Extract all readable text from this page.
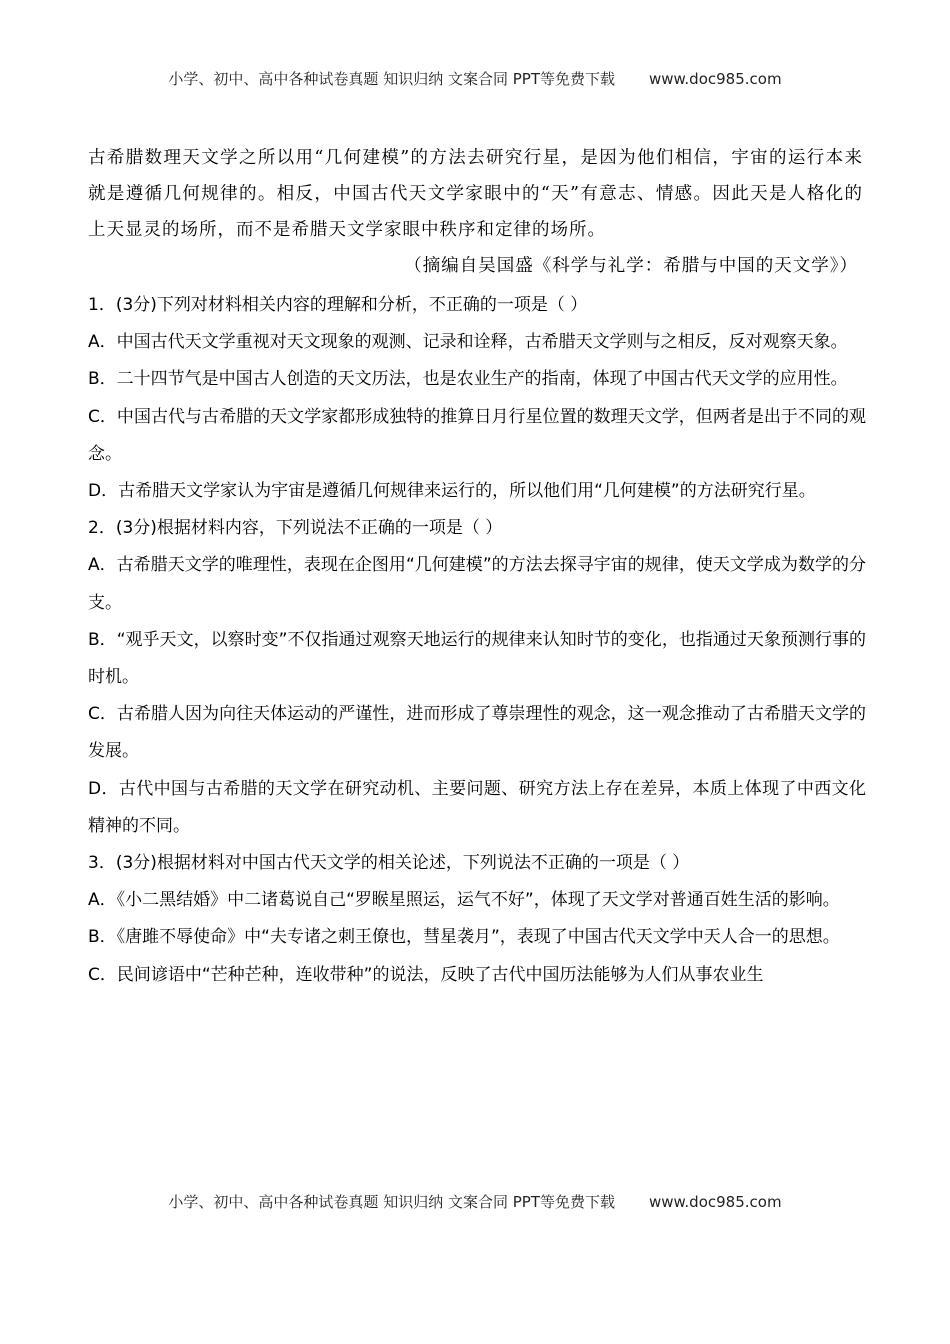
小学、初中、高中各种试卷真题 知识归纳 文案合同 PPT等免费下载 www.doc985.com

古希腊数理天文学之所以用“几何建模”的方法去研究行星，是因为他们相信，宇宙的运行本来就是遵循几何规律的。相反，中国古代天文学家眼中的“天”有意志、情感。因此天是人格化的上天显灵的场所，而不是希腊天文学家眼中秩序和定律的场所。

（摘编自吴国盛《科学与礼学：希腊与中国的天文学》）

1．(3分)下列对材料相关内容的理解和分析，不正确的一项是（ ）

A．中国古代天文学重视对天文现象的观测、记录和诠释，古希腊天文学则与之相反，反对观察天象。

B．二十四节气是中国古人创造的天文历法，也是农业生产的指南，体现了中国古代天文学的应用性。

C．中国古代与古希腊的天文学家都形成独特的推算日月行星位置的数理天文学，但两者是出于不同的观念。

D．古希腊天文学家认为宇宙是遵循几何规律来运行的，所以他们用“几何建模”的方法研究行星。

2．(3分)根据材料内容，下列说法不正确的一项是（ ）

A．古希腊天文学的唯理性，表现在企图用“几何建模”的方法去探寻宇宙的规律，使天文学成为数学的分支。

B．“观乎天文，以察时变”不仅指通过观察天地运行的规律来认知时节的变化，也指通过天象预测行事的时机。

C．古希腊人因为向往天体运动的严谨性，进而形成了尊崇理性的观念，这一观念推动了古希腊天文学的发展。

D．古代中国与古希腊的天文学在研究动机、主要问题、研究方法上存在差异，本质上体现了中西文化精神的不同。

3．(3分)根据材料对中国古代天文学的相关论述，下列说法不正确的一项是（ ）

A．《小二黑结婚》中二诸葛说自己“罗睺星照运，运气不好”，体现了天文学对普通百姓生活的影响。

B．《唐雎不辱使命》中“夫专诸之刺王僚也，彗星袭月”，表现了中国古代天文学中天人合一的思想。

C．民间谚语中“芒种芒种，连收带种”的说法，反映了古代中国历法能够为人们从事农业生

小学、初中、高中各种试卷真题 知识归纳 文案合同 PPT等免费下载 www.doc985.com
